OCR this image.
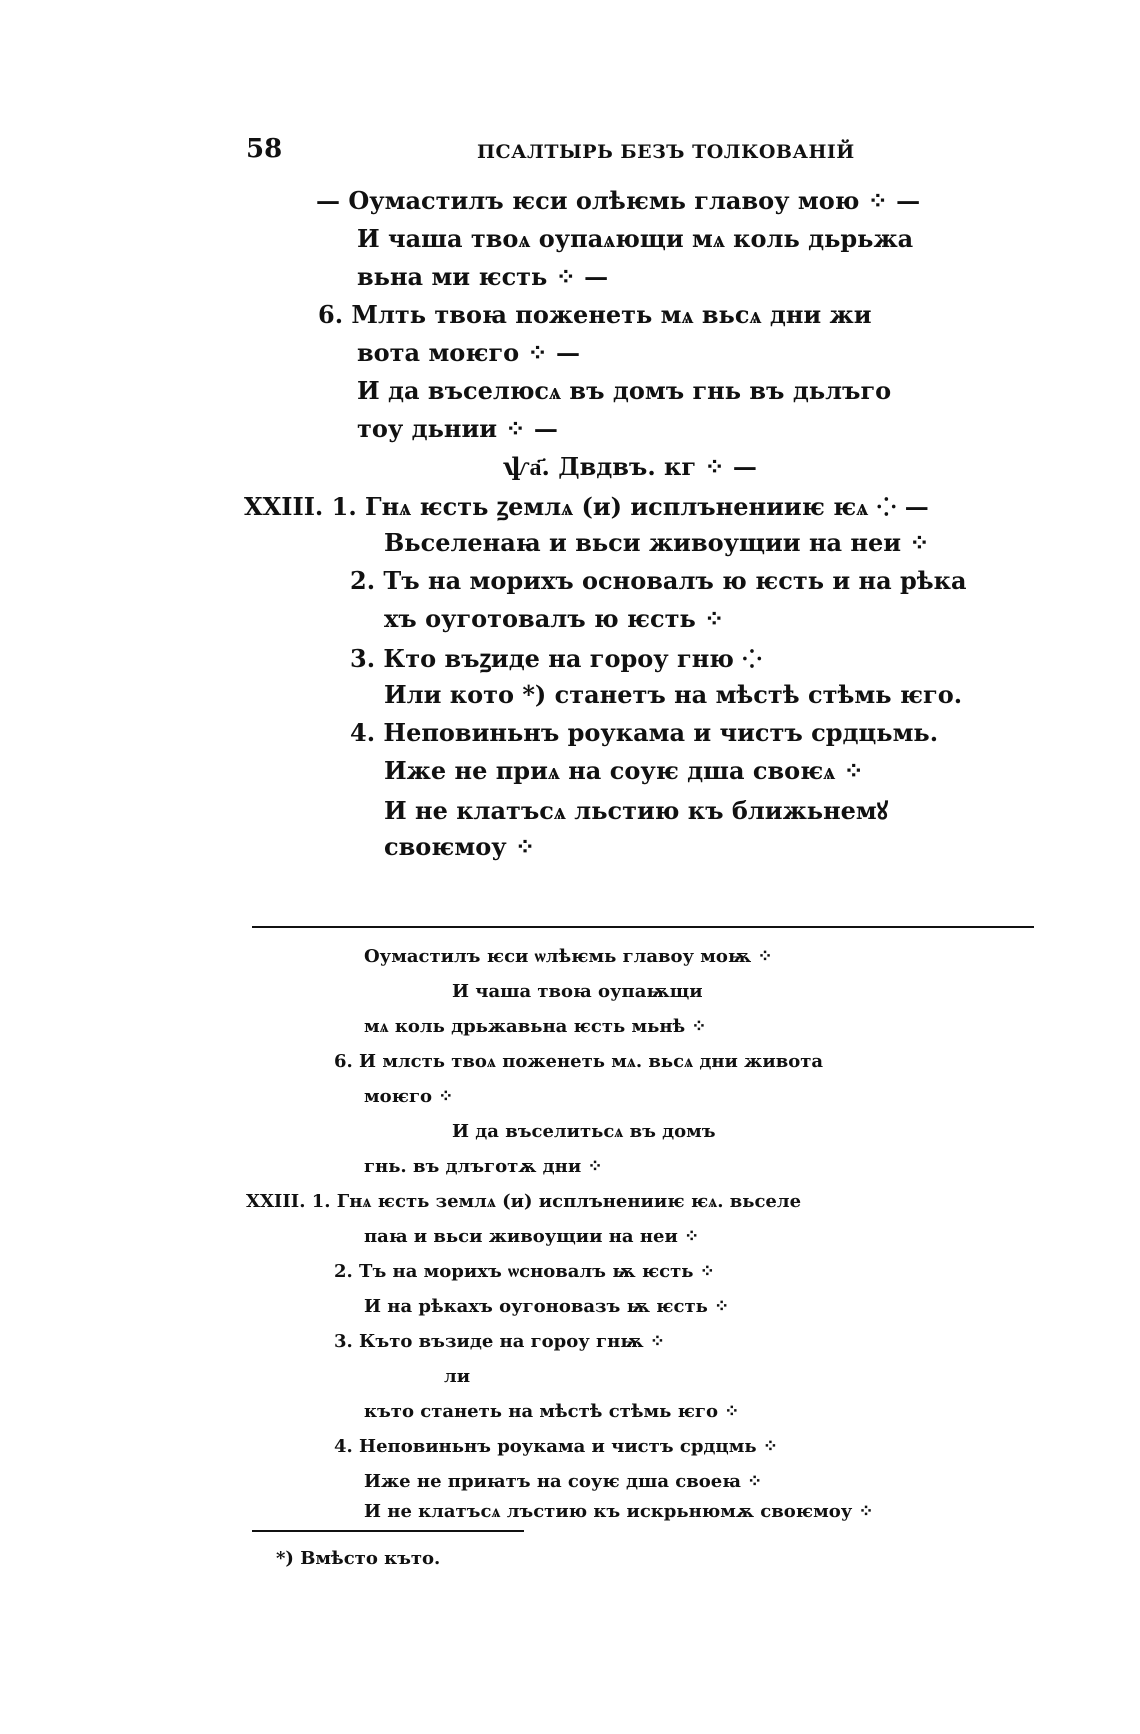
58	ПСАЛТЫРЬ БЕЗЪ ТОЛКОВАНІЙ
— Оумастилъ ѥси олѣѥмь главоу мою ⁘ —
И чаша твоѧ оупаѧющи мѧ коль дьрьжа
вьна ми ѥсть ⁘ —
6. Млть твоꙗ поженеть мѧ вьсѧ дни жи
вота моѥго ⁘ —
И да въселюсѧ въ домъ гнь въ дьлъго
тоу дьнии ⁘ —
ѱа҃. Двдвъ. кг ⁘ —
XXIII. 1. Гнѧ ѥсть ꙁемлѧ (и) исплъненииѥ ѥѧ ⁘ —
Вьселенаꙗ и вьси живоущии на неи ⁘
2. Тъ на морихъ основалъ ю ѥсть и на рѣка
хъ оуготовалъ ю ѥсть ⁘
3. Кто въꙁиде на гороу гню ⁘
Или кото *) станетъ на мѣстѣ стѣмь ѥго.
4. Неповиньнъ роукама и чистъ срдцьмь.
Иже не приѧ на соуѥ дша своѥѧ ⁘
И не клатъсѧ льстию къ ближьнемꙋ
своѥмоу ⁘
Оумастилъ ѥси ѡлѣѥмь главоу моѭ ⁘
И чаша твоꙗ оупаѭщи
мѧ коль дрьжавьна ѥсть мьнѣ ⁘
6. И млсть твоѧ поженеть мѧ. вьсѧ дни живота
моѥго ⁘
И да въселитьсѧ въ домъ
гнь. въ длъготѫ дни ⁘
XXIII. 1. Гнѧ ѥсть землѧ (и) исплъненииѥ ѥѧ. вьселе
паꙗ и вьси живоущии на неи ⁘
2. Тъ на морихъ ѡсновалъ ѭ ѥсть ⁘
И на рѣкахъ оугоновазъ ѭ ѥсть ⁘
3. Къто възиде на гороу гнѭ ⁘
ли
къто станеть на мѣстѣ стѣмь ѥго ⁘
4. Неповиньнъ роукама и чистъ срдцмь ⁘
Иже не приꙗтъ на соуѥ дша своеꙗ ⁘
И не клатъсѧ лъстию къ искрьнюмѫ своѥмоу ⁘
*) Вмѣсто къто.
